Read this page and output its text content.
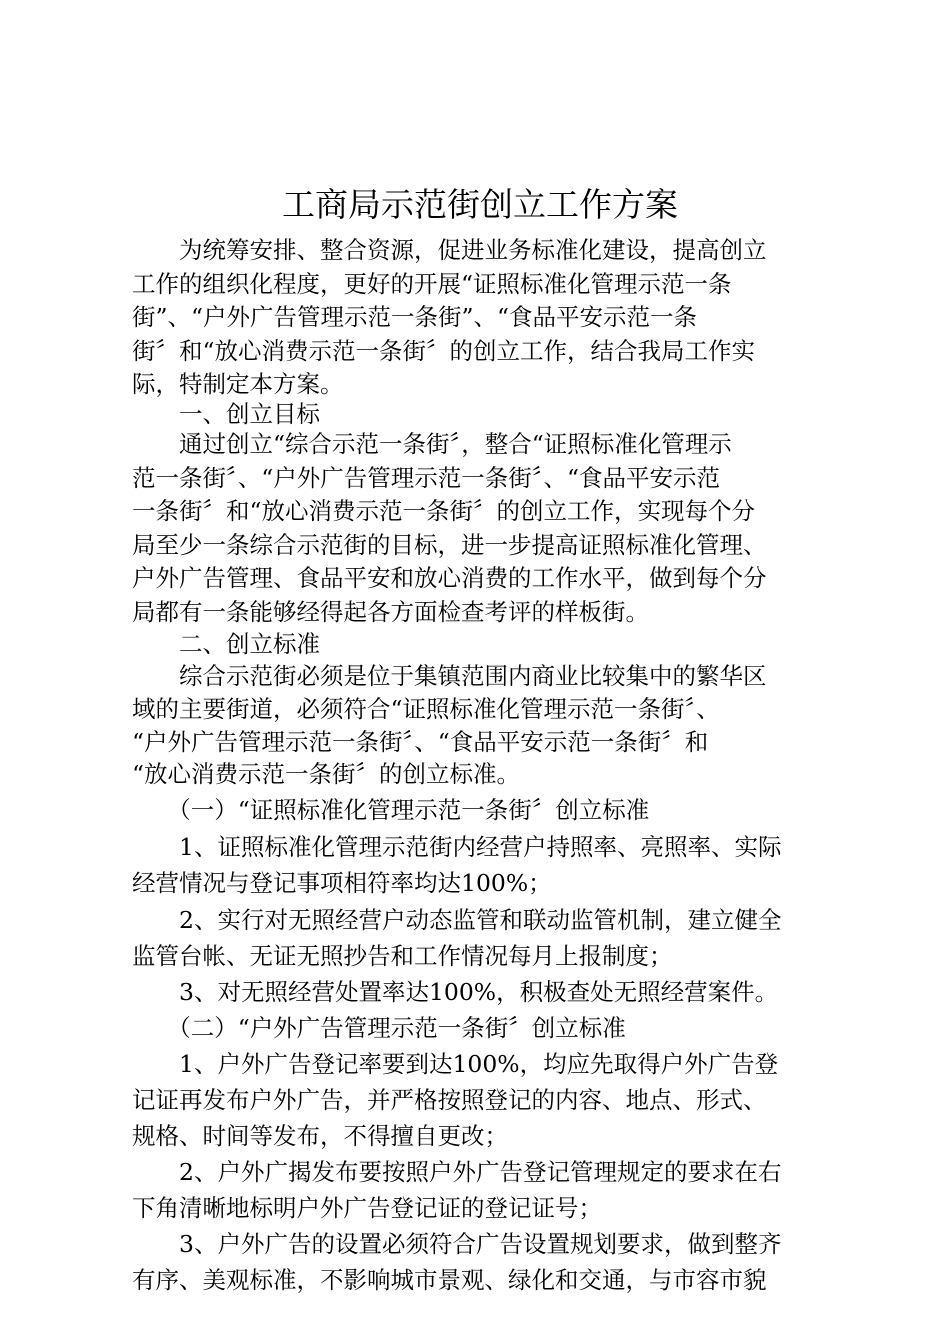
工商局示范街创立工作方案
　　为统筹安排、整合资源，促进业务标准化建设，提高创立
工作的组织化程度，更好的开展“证照标准化管理示范一条
街”、“户外广告管理示范一条街”、“食品平安示范一条
街〞和“放心消费示范一条街〞的创立工作，结合我局工作实
际，特制定本方案。
　　一、创立目标
　　通过创立“综合示范一条街〞，整合“证照标准化管理示
范一条街〞、“户外广告管理示范一条街〞、“食品平安示范
一条街〞和“放心消费示范一条街〞的创立工作，实现每个分
局至少一条综合示范街的目标，进一步提高证照标准化管理、
户外广告管理、食品平安和放心消费的工作水平，做到每个分
局都有一条能够经得起各方面检查考评的样板街。
　　二、创立标准
　　综合示范街必须是位于集镇范围内商业比较集中的繁华区
域的主要街道，必须符合“证照标准化管理示范一条街〞、
“户外广告管理示范一条街〞、“食品平安示范一条街〞和
“放心消费示范一条街〞的创立标准。
　　（一）“证照标准化管理示范一条街〞创立标准
　　1、证照标准化管理示范街内经营户持照率、亮照率、实际
经营情况与登记事项相符率均达100%；
　　2、实行对无照经营户动态监管和联动监管机制，建立健全
监管台帐、无证无照抄告和工作情况每月上报制度；
　　3、对无照经营处置率达100%，积极查处无照经营案件。
　　（二）“户外广告管理示范一条街〞创立标准
　　1、户外广告登记率要到达100%，均应先取得户外广告登
记证再发布户外广告，并严格按照登记的内容、地点、形式、
规格、时间等发布，不得擅自更改；
　　2、户外广揭发布要按照户外广告登记管理规定的要求在右
下角清晰地标明户外广告登记证的登记证号；
　　3、户外广告的设置必须符合广告设置规划要求，做到整齐
有序、美观标准，不影响城市景观、绿化和交通，与市容市貌
